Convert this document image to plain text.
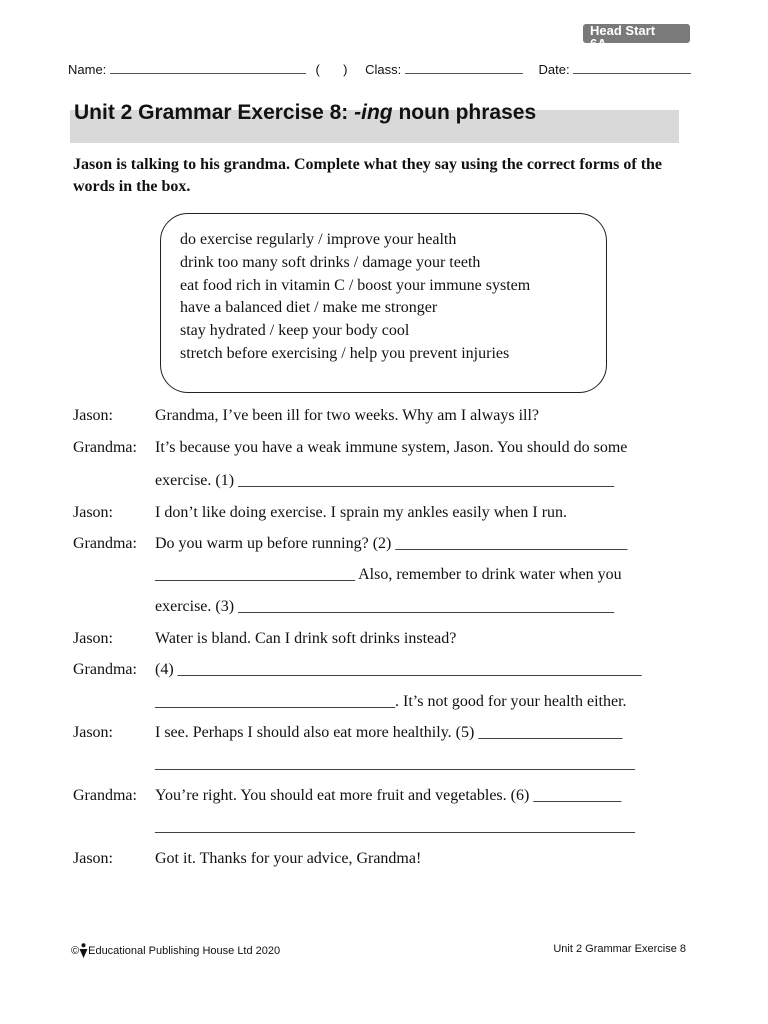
Head Start
6A
Name:	( ) Class:	Date:
Unit 2 Grammar Exercise 8: -ing noun phrases
Jason is talking to his grandma. Complete what they say using the correct forms of the words in the box.
do exercise regularly / improve your health
drink too many soft drinks / damage your teeth
eat food rich in vitamin C / boost your immune system
have a balanced diet / make me stronger
stay hydrated / keep your body cool
stretch before exercising / help you prevent injuries
Jason:	Grandma, I’ve been ill for two weeks. Why am I always ill?
Grandma: It’s because you have a weak immune system, Jason. You should do some
exercise. (1) _______________________________________________
Jason:	I don’t like doing exercise. I sprain my ankles easily when I run.
Grandma: Do you warm up before running? (2) _____________________________
_________________________ Also, remember to drink water when you
exercise. (3) _______________________________________________
Jason:	Water is bland. Can I drink soft drinks instead?
Grandma: (4) __________________________________________________________
______________________________. It’s not good for your health either.
Jason:	I see. Perhaps I should also eat more healthily. (5) __________________
____________________________________________________________
Grandma: You’re right. You should eat more fruit and vegetables. (6) ___________
____________________________________________________________
Jason:	Got it. Thanks for your advice, Grandma!
© Educational Publishing House Ltd 2020	Unit 2 Grammar Exercise 8
